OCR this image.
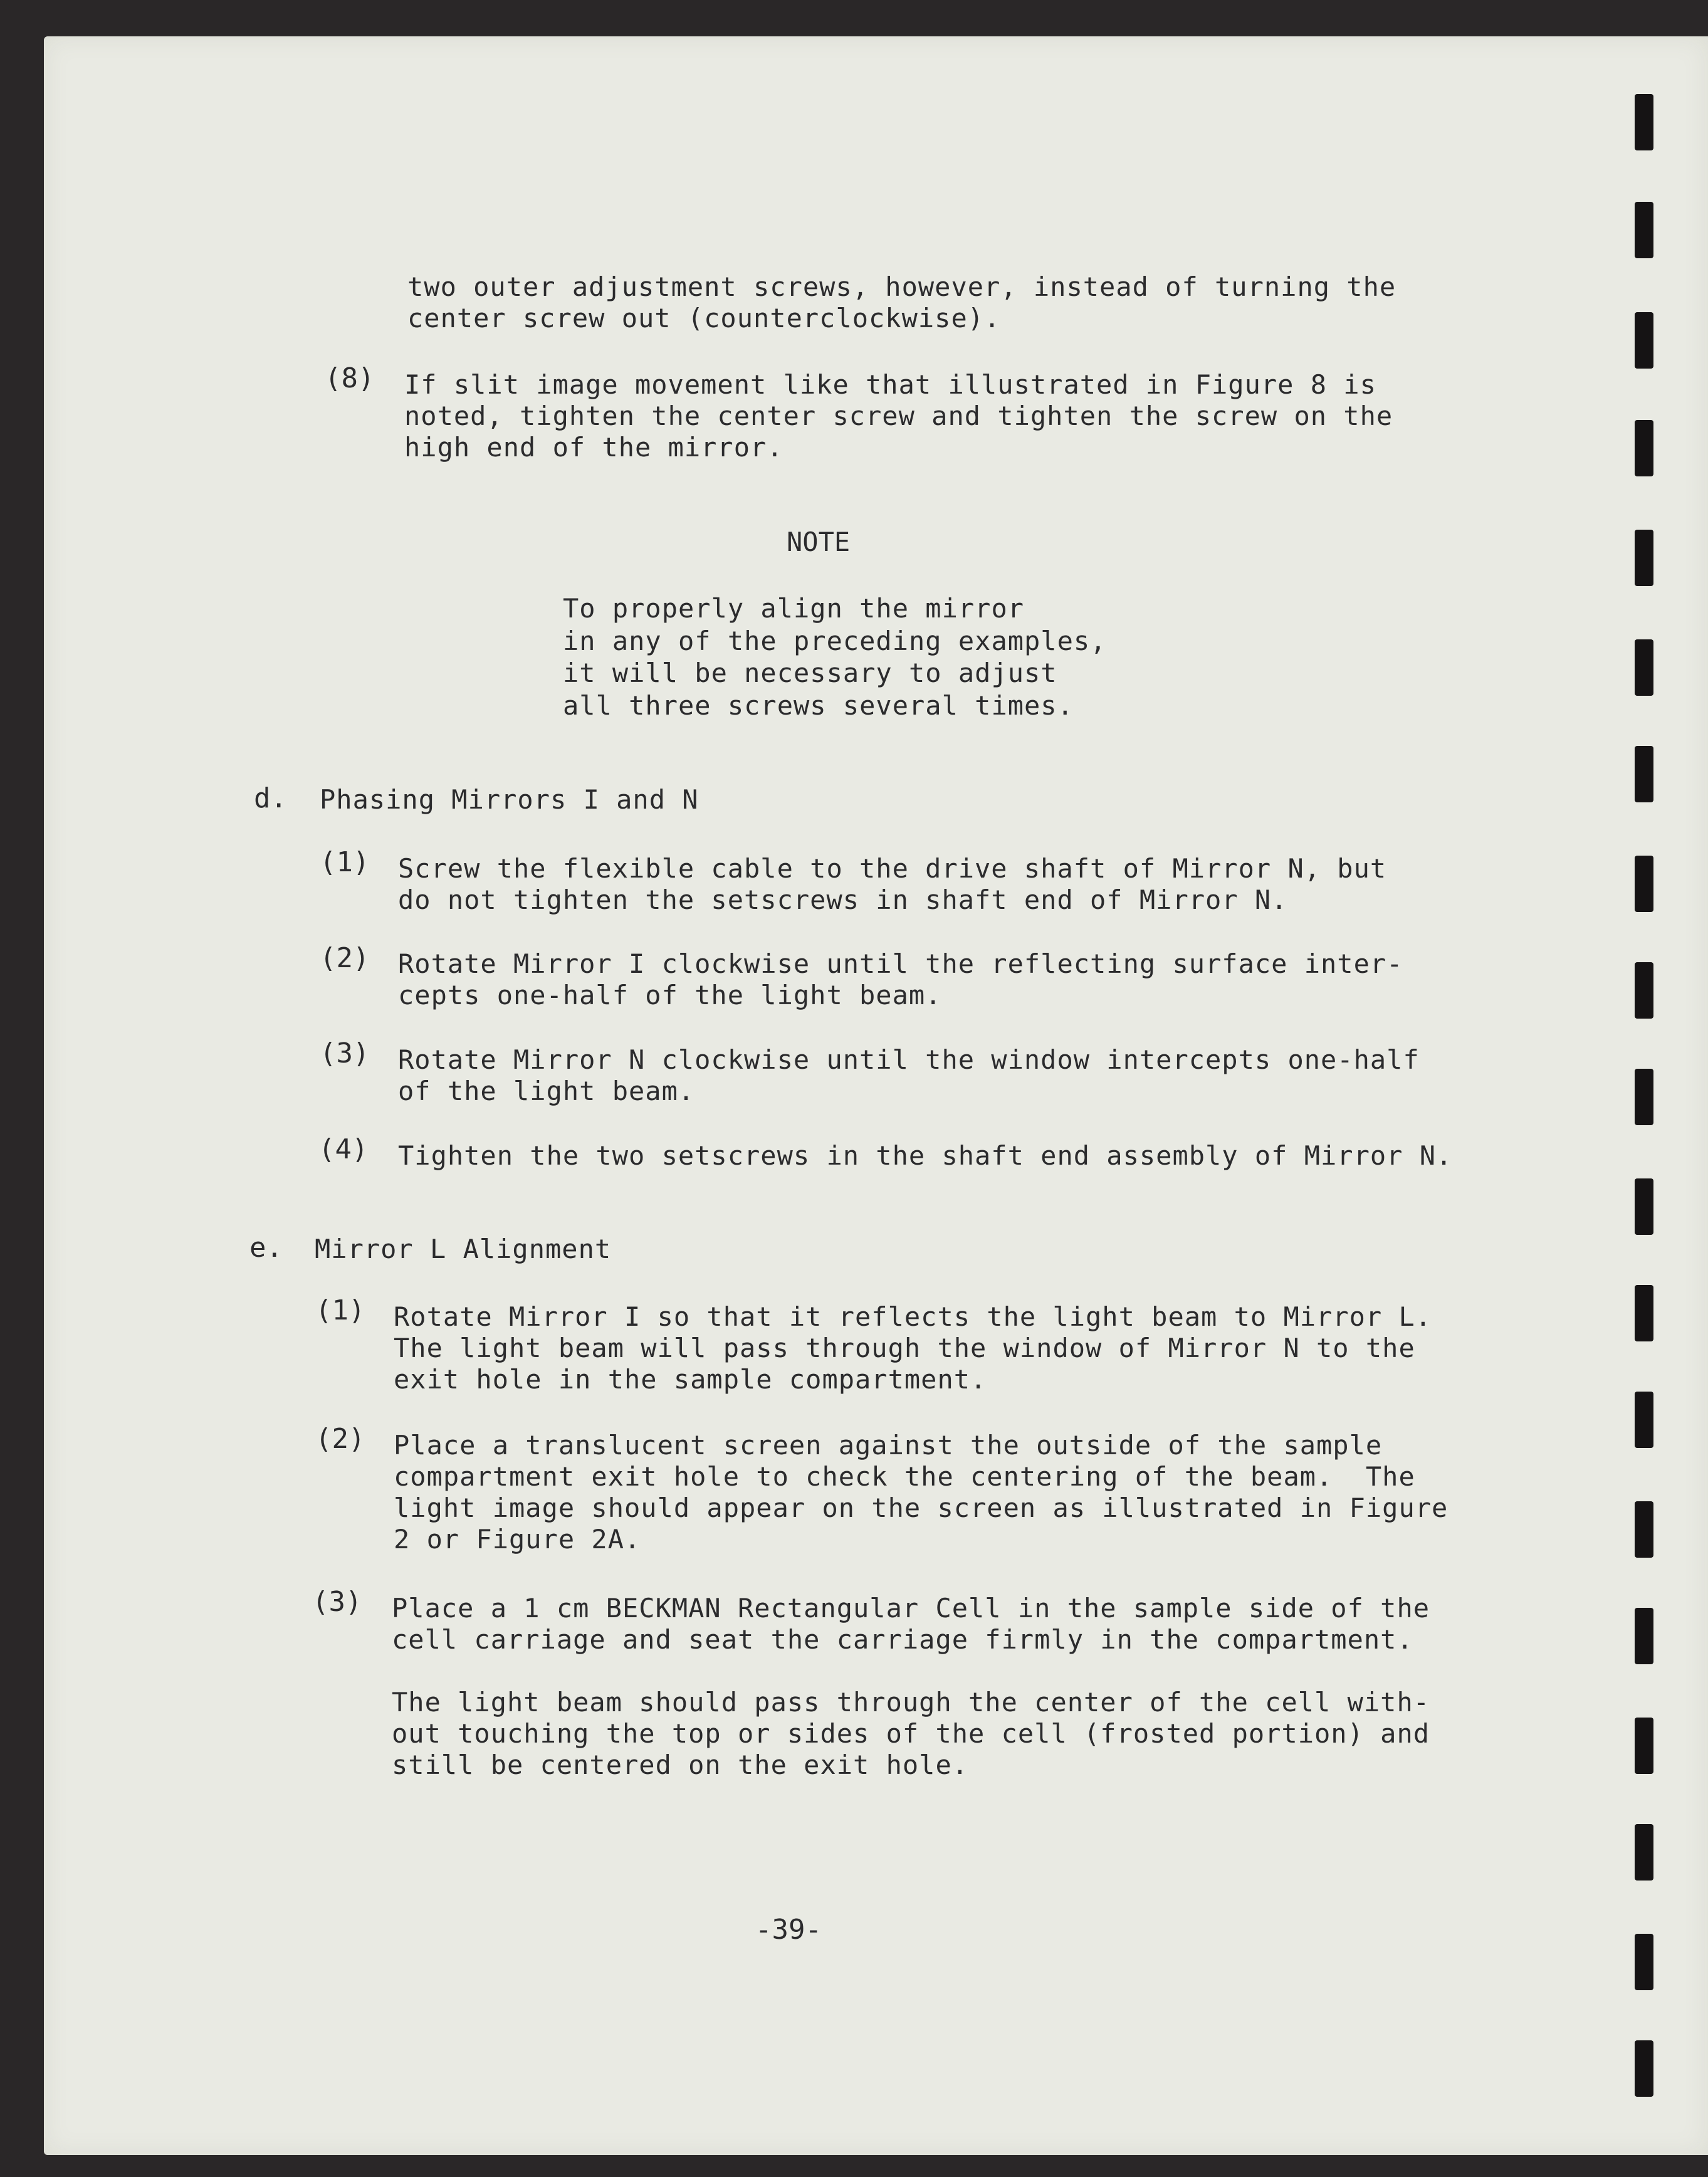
two outer adjustment screws, however, instead of turning the
center screw out (counterclockwise).
(8) If slit image movement like that illustrated in Figure 8 is
noted, tighten the center screw and tighten the screw on the
high end of the mirror.
NOTE
To properly align the mirror
in any of the preceding examples,
it will be necessary to adjust
all three screws several times.
d. Phasing Mirrors I and N
(1) Screw the flexible cable to the drive shaft of Mirror N, but
do not tighten the setscrews in shaft end of Mirror N.
(2) Rotate Mirror I clockwise until the reflecting surface inter-
cepts one-half of the light beam.
(3) Rotate Mirror N clockwise until the window intercepts one-half
of the light beam.
(4) Tighten the two setscrews in the shaft end assembly of Mirror N.
e. Mirror L Alignment
(1) Rotate Mirror I so that it reflects the light beam to Mirror L.
The light beam will pass through the window of Mirror N to the
exit hole in the sample compartment.
(2) Place a translucent screen against the outside of the sample
compartment exit hole to check the centering of the beam.  The
light image should appear on the screen as illustrated in Figure
2 or Figure 2A.
(3) Place a 1 cm BECKMAN Rectangular Cell in the sample side of the
cell carriage and seat the carriage firmly in the compartment.
The light beam should pass through the center of the cell with-
out touching the top or sides of the cell (frosted portion) and
still be centered on the exit hole.
-39-
